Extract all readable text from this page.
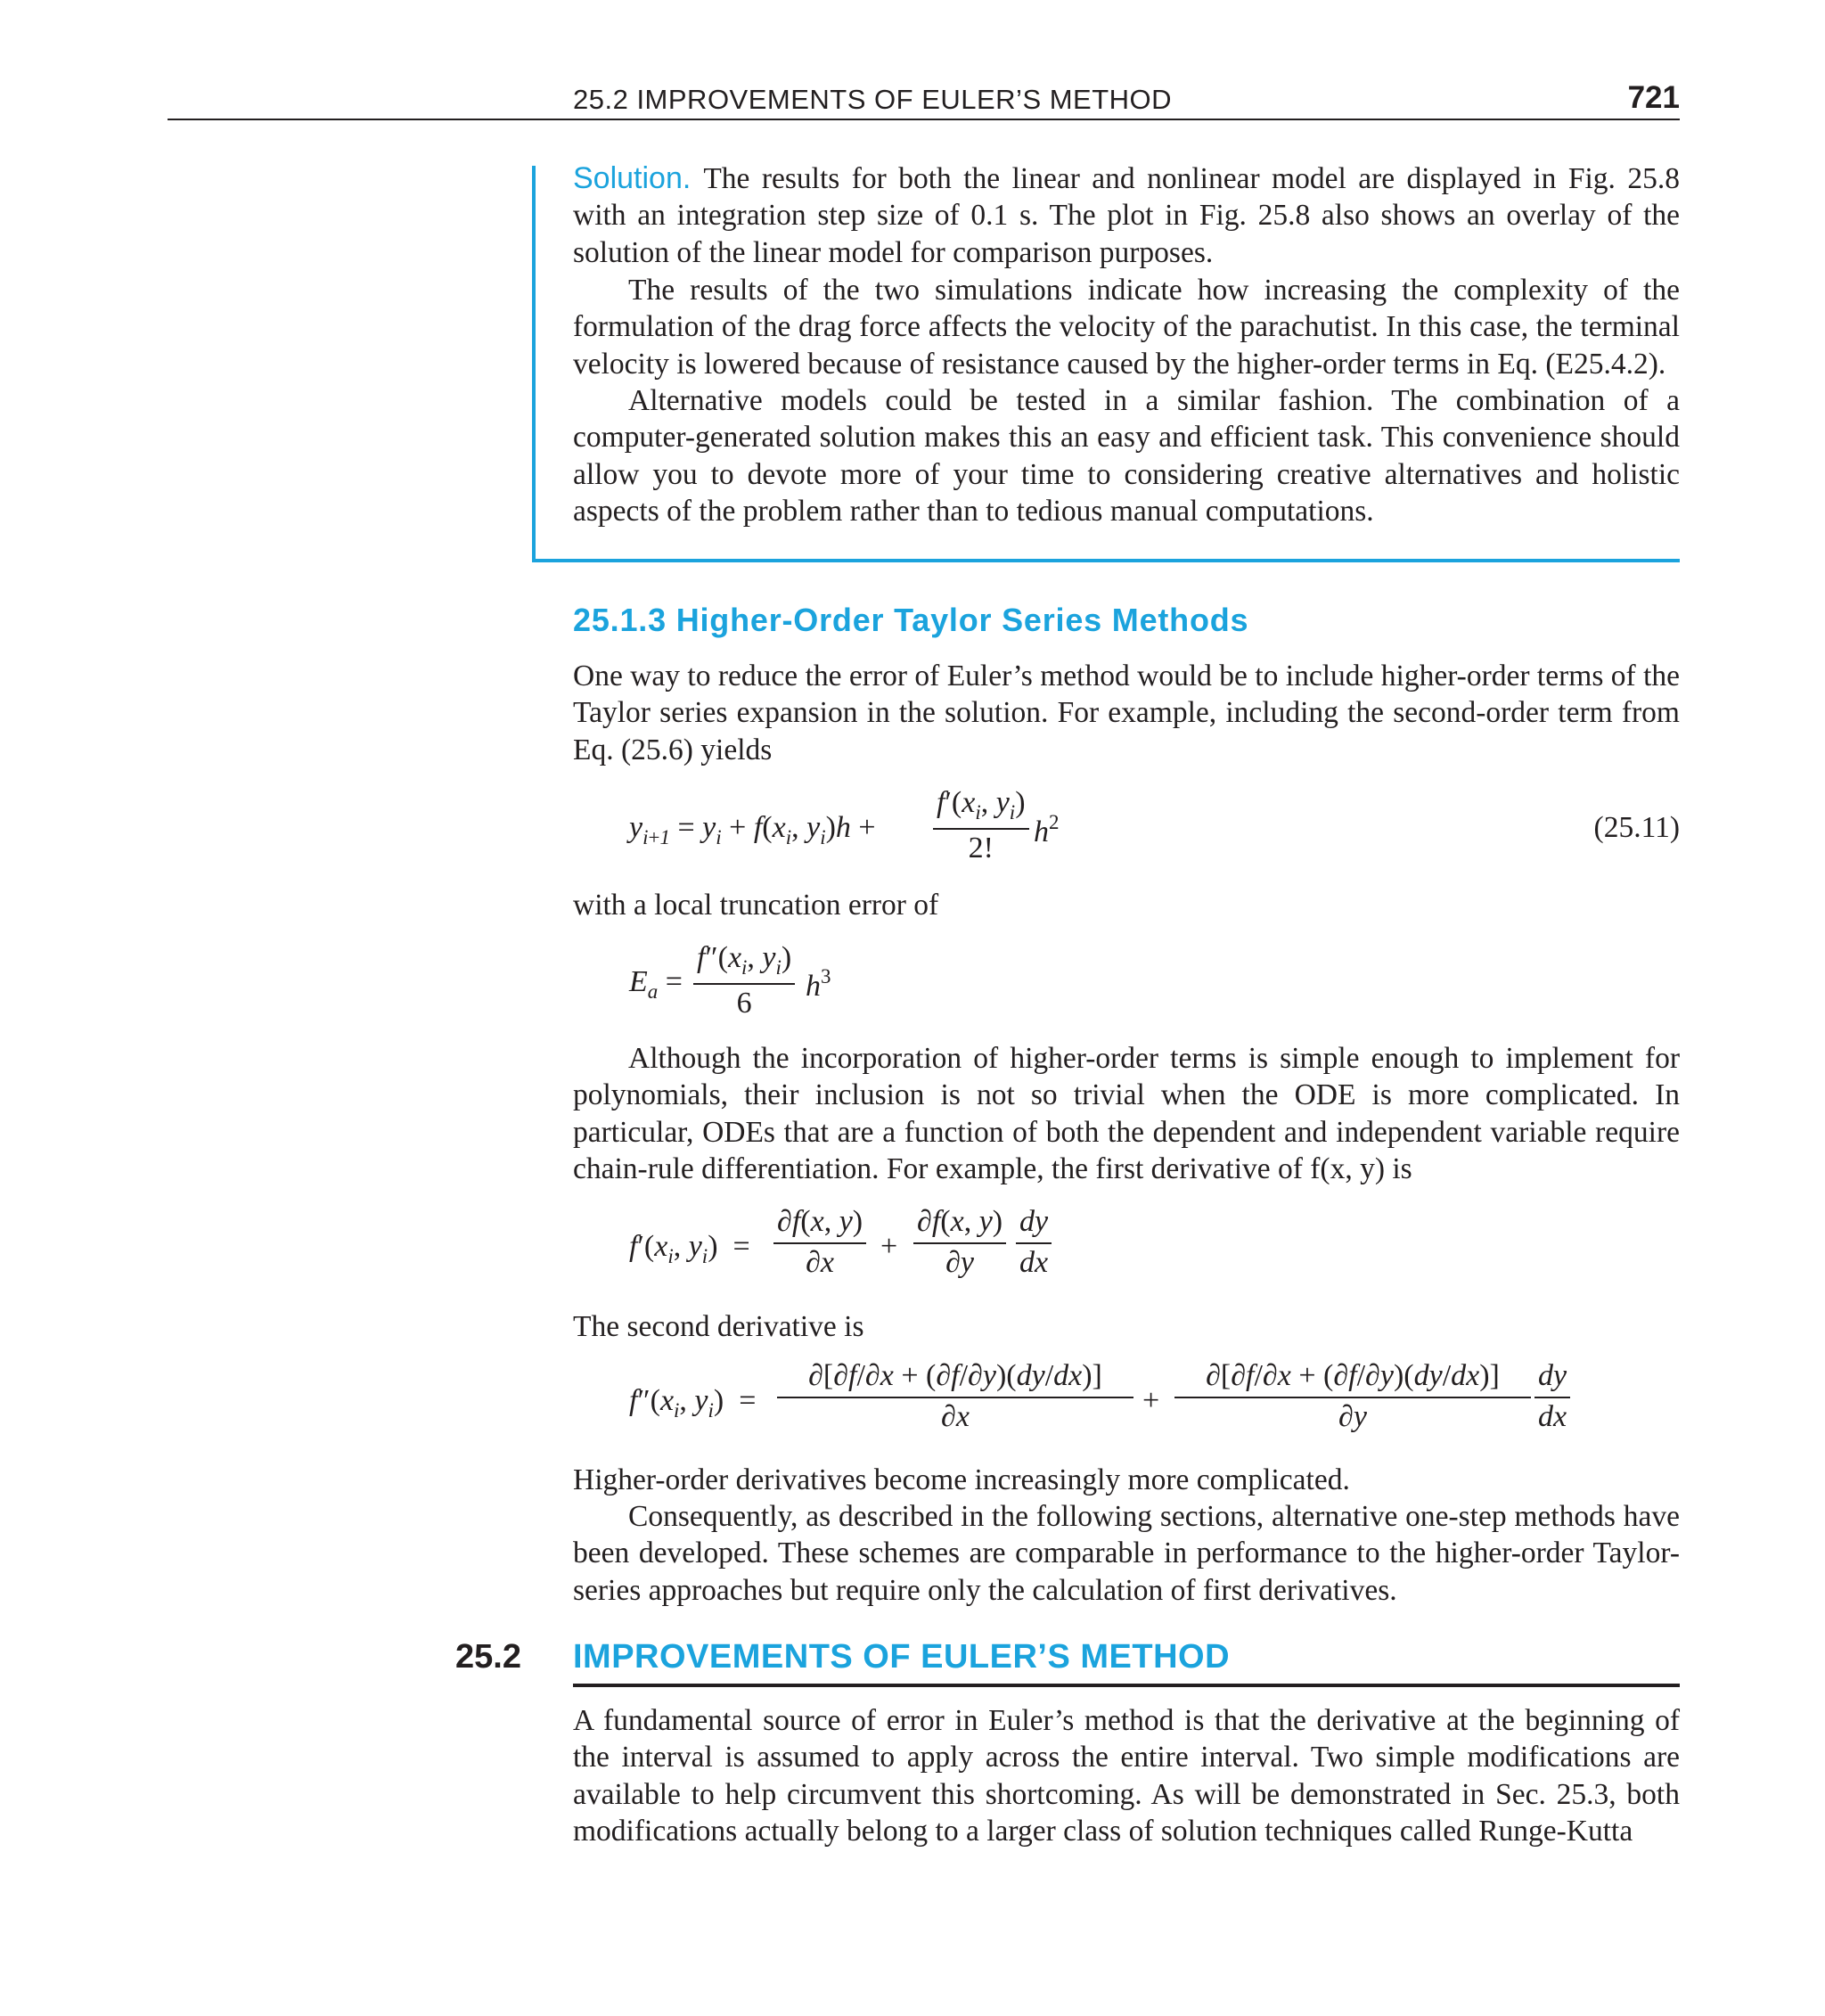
25.2 IMPROVEMENTS OF EULER’S METHOD	721
Solution. The results for both the linear and nonlinear model are displayed in Fig. 25.8 with an integration step size of 0.1 s. The plot in Fig. 25.8 also shows an overlay of the solution of the linear model for comparison purposes.
The results of the two simulations indicate how increasing the complexity of the formulation of the drag force affects the velocity of the parachutist. In this case, the terminal velocity is lowered because of resistance caused by the higher-order terms in Eq. (E25.4.2).
Alternative models could be tested in a similar fashion. The combination of a computer-generated solution makes this an easy and efficient task. This convenience should allow you to devote more of your time to considering creative alternatives and holistic aspects of the problem rather than to tedious manual computations.
25.1.3 Higher-Order Taylor Series Methods
One way to reduce the error of Euler’s method would be to include higher-order terms of the Taylor series expansion in the solution. For example, including the second-order term from Eq. (25.6) yields
$y_{i+1} = y_i + f(x_i$, $y_i)h$ +
$f'(x_i$, $y_i$)
2!	$h^2$	(25.11)
with a local truncation error of
$E_a$ =
$f''(x_i$, $y_i$)
6
$h^3$
Although the incorporation of higher-order terms is simple enough to implement for polynomials, their inclusion is not so trivial when the ODE is more complicated. In particular, ODEs that are a function of both the dependent and independent variable require chain-rule differentiation. For example, the first derivative of f(x, y) is
$f'(x_i$, $y_i$) =
∂f(x, y)
∂x	+
∂f(x, y)
∂y
dy
dx
The second derivative is
$f''(x_i$, $y_i$) =
∂[∂f/∂x + (∂f/∂y)(dy/dx)]
∂x	+
∂[∂f/∂x + (∂f/∂y)(dy/dx)]
∂y
dy
dx
Higher-order derivatives become increasingly more complicated.
Consequently, as described in the following sections, alternative one-step methods have been developed. These schemes are comparable in performance to the higher-order Taylor-series approaches but require only the calculation of first derivatives.
25.2 IMPROVEMENTS OF EULER’S METHOD
A fundamental source of error in Euler’s method is that the derivative at the beginning of the interval is assumed to apply across the entire interval. Two simple modifications are available to help circumvent this shortcoming. As will be demonstrated in Sec. 25.3, both modifications actually belong to a larger class of solution techniques called Runge-Kutta
